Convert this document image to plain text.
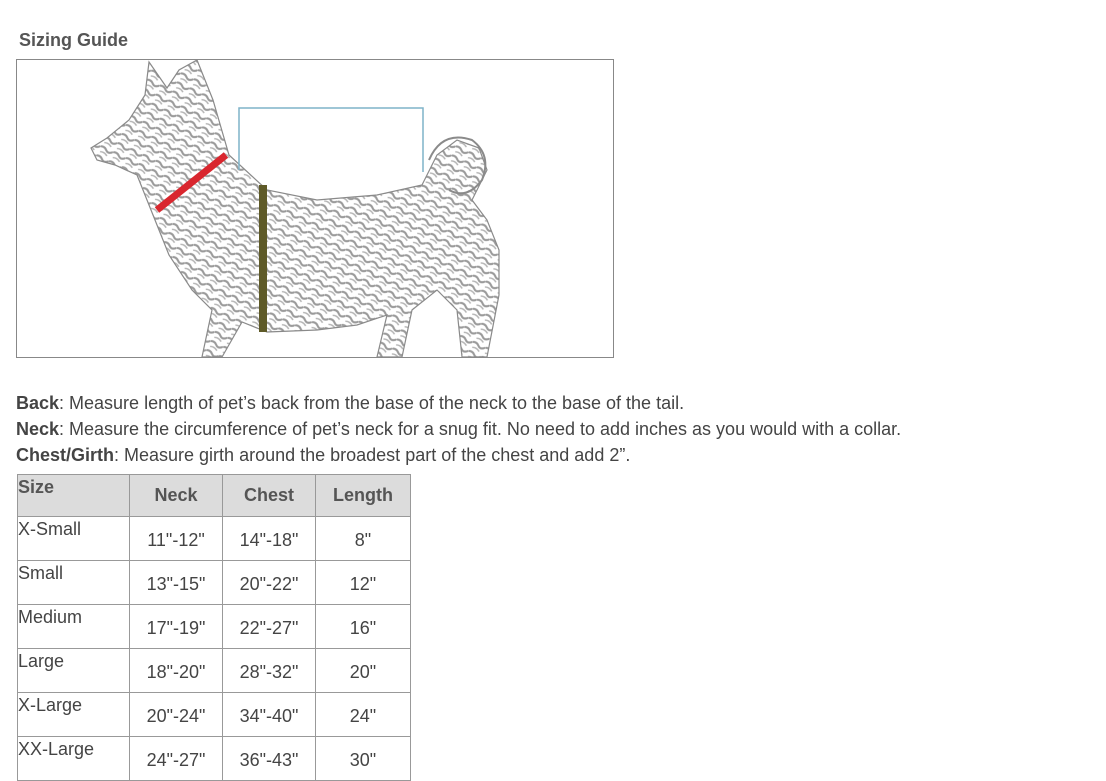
Sizing Guide
Back: Measure length of pet’s back from the base of the neck to the base of the tail.
Neck: Measure the circumference of pet’s neck for a snug fit. No need to add inches as you would with a collar.
Chest/Girth: Measure girth around the broadest part of the chest and add 2”.
Size	Neck	Chest	Length
X-Small	11"-12"	14"-18"	8"
Small	13"-15"	20"-22"	12"
Medium	17"-19"	22"-27"	16"
Large	18"-20"	28"-32"	20"
X-Large	20"-24"	34"-40"	24"
XX-Large	24"-27"	36"-43"	30"
